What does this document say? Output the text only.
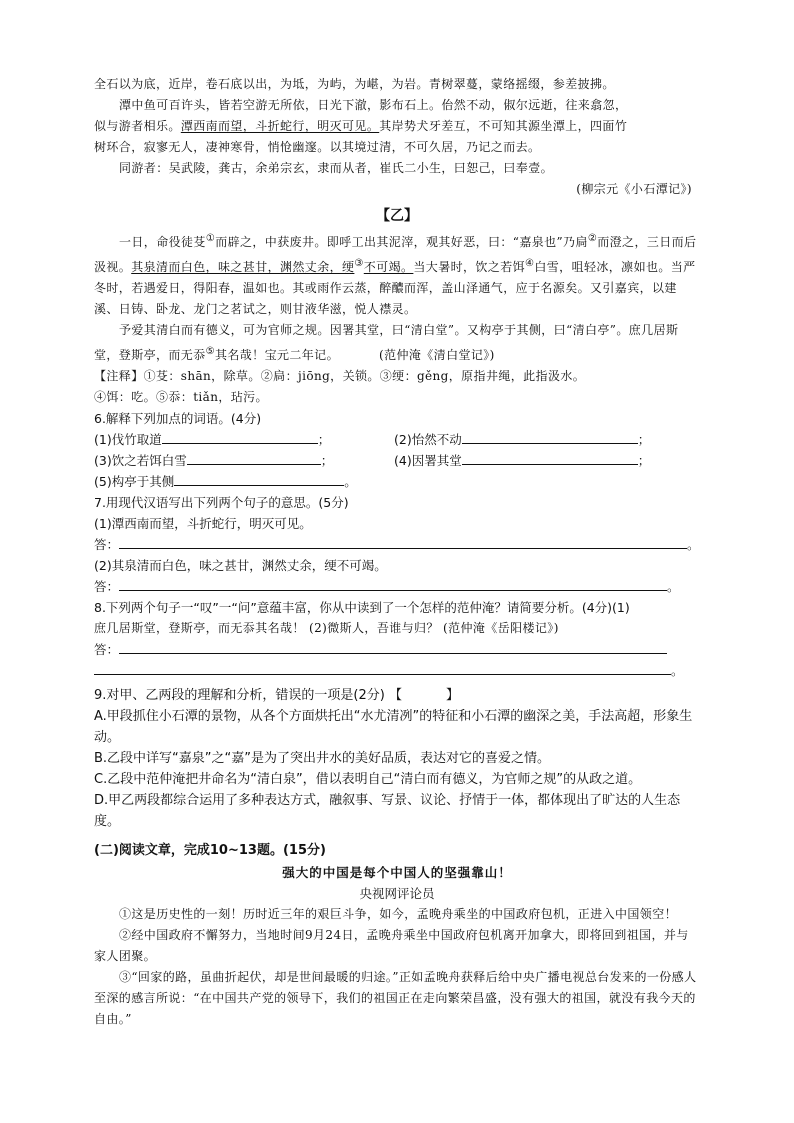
全石以为底，近岸，卷石底以出，为坻，为屿，为嵁，为岩。青树翠蔓，蒙络摇缀，参差披拂。

潭中鱼可百许头，皆若空游无所依，日光下澈，影布石上。佁然不动，俶尔远逝，往来翕忽，

似与游者相乐。潭西南而望，斗折蛇行，明灭可见。其岸势犬牙差互，不可知其源坐潭上，四面竹

树环合，寂寥无人，凄神寒骨，悄怆幽邃。以其境过清，不可久居，乃记之而去。

同游者：吴武陵，龚古，余弟宗玄，隶而从者，崔氏二小生，曰恕己，曰奉壹。

(柳宗元《小石潭记》)

【乙】

一日，命役徒芟①而辟之，中获废井。即呼工出其泥滓，观其好恶，曰：“嘉泉也”乃扃②而澄之，三日而后汲视。其泉清而白色，味之甚甘，渊然丈余，绠③不可竭。当大暑时，饮之若饵④白雪，咀轻冰，凛如也。当严冬时，若遇爱日，得阳春，温如也。其或雨作云蒸，醉醲而浑，盖山泽通气，应于名源矣。又引嘉宾，以建溪、日铸、卧龙、龙门之茗试之，则甘液华滋，悦人襟灵。

予爱其清白而有德义，可为官师之规。因署其堂，曰“清白堂”。又构亭于其侧，曰“清白亭”。庶几居斯堂，登斯亭，而无忝⑤其名哉！宝元二年记。	(范仲淹《清白堂记》)

【注释】①芟：shān，除草。②扃：jiōng，关锁。③绠：gěng，原指井绳，此指汲水。

④饵：吃。⑤忝：tiǎn，玷污。

6.解释下列加点的词语。(4分)

(1)伐竹取道	；	(2)怡然不动	；
(3)饮之若饵白雪	；	(4)因署其堂	；
(5)构亭于其侧	。

7.用现代汉语写出下列两个句子的意思。(5分)

(1)潭西南而望，斗折蛇行，明灭可见。

答：	。

(2)其泉清而白色，味之甚甘，渊然丈余，绠不可竭。

答：	。

8.下列两个句子一“叹”一“问”意蕴丰富，你从中读到了一个怎样的范仲淹？请简要分析。(4分)(1)

庶几居斯堂，登斯亭，而无忝其名哉！ (2)微斯人，吾谁与归？ (范仲淹《岳阳楼记》)

答：
。

9.对甲、乙两段的理解和分析，错误的一项是(2分) 【	】

A.甲段抓住小石潭的景物，从各个方面烘托出“水尤清冽”的特征和小石潭的幽深之美，手法高超，形象生动。

B.乙段中详写“嘉泉”之“嘉”是为了突出井水的美好品质，表达对它的喜爱之情。

C.乙段中范仲淹把井命名为“清白泉”，借以表明自己“清白而有德义，为官师之规”的从政之道。

D.甲乙两段都综合运用了多种表达方式，融叙事、写景、议论、抒情于一体，都体现出了旷达的人生态度。

(二)阅读文章，完成10~13题。(15分)

强大的中国是每个中国人的坚强靠山！

央视网评论员

①这是历史性的一刻！历时近三年的艰巨斗争，如今，孟晚舟乘坐的中国政府包机，正进入中国领空！

②经中国政府不懈努力，当地时间9月24日，孟晚舟乘坐中国政府包机离开加拿大，即将回到祖国，并与家人团聚。

③“回家的路，虽曲折起伏，却是世间最暖的归途。”正如孟晚舟获释后给中央广播电视总台发来的一份感人至深的感言所说：“在中国共产党的领导下，我们的祖国正在走向繁荣昌盛，没有强大的祖国，就没有我今天的自由。”
